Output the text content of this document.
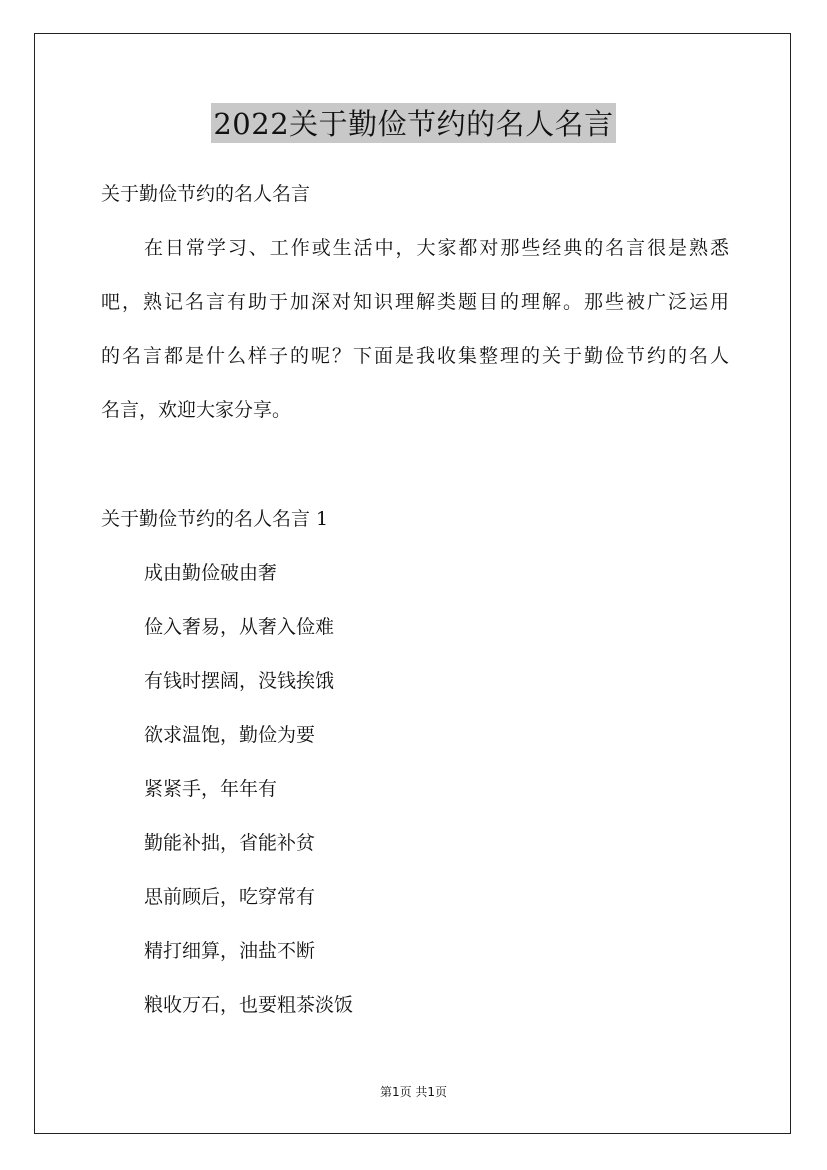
2022关于勤俭节约的名人名言
关于勤俭节约的名人名言
在日常学习、工作或生活中，大家都对那些经典的名言很是熟悉
吧，熟记名言有助于加深对知识理解类题目的理解。那些被广泛运用
的名言都是什么样子的呢？下面是我收集整理的关于勤俭节约的名人
名言，欢迎大家分享。
关于勤俭节约的名人名言 1
成由勤俭破由奢
俭入奢易，从奢入俭难
有钱时摆阔，没钱挨饿
欲求温饱，勤俭为要
紧紧手，年年有
勤能补拙，省能补贫
思前顾后，吃穿常有
精打细算，油盐不断
粮收万石，也要粗茶淡饭
第1页 共1页
